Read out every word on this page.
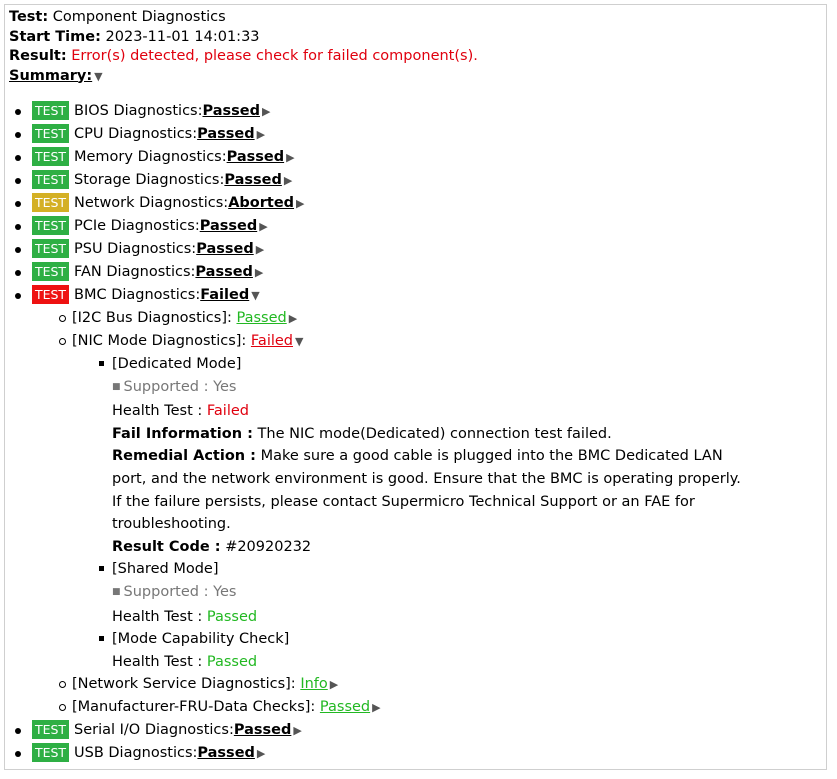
Test: Component Diagnostics
Start Time: 2023-11-01 14:01:33
Result: Error(s) detected, please check for failed component(s).
Summary: ▼
TEST BIOS Diagnostics:Passed ▶
TEST CPU Diagnostics:Passed ▶
TEST Memory Diagnostics:Passed ▶
TEST Storage Diagnostics:Passed ▶
TEST Network Diagnostics:Aborted ▶
TEST PCIe Diagnostics:Passed ▶
TEST PSU Diagnostics:Passed ▶
TEST FAN Diagnostics:Passed ▶
TEST BMC Diagnostics:Failed ▼
[I2C Bus Diagnostics]: Passed ▶
[NIC Mode Diagnostics]: Failed ▼
[Dedicated Mode]
■ Supported : Yes
Health Test : Failed
Fail Information : The NIC mode(Dedicated) connection test failed.
Remedial Action : Make sure a good cable is plugged into the BMC Dedicated LAN port, and the network environment is good. Ensure that the BMC is operating properly. If the failure persists, please contact Supermicro Technical Support or an FAE for troubleshooting.
Result Code : #20920232
[Shared Mode]
■ Supported : Yes
Health Test : Passed
[Mode Capability Check]
Health Test : Passed
[Network Service Diagnostics]: Info ▶
[Manufacturer-FRU-Data Checks]: Passed ▶
TEST Serial I/O Diagnostics:Passed ▶
TEST USB Diagnostics:Passed ▶
